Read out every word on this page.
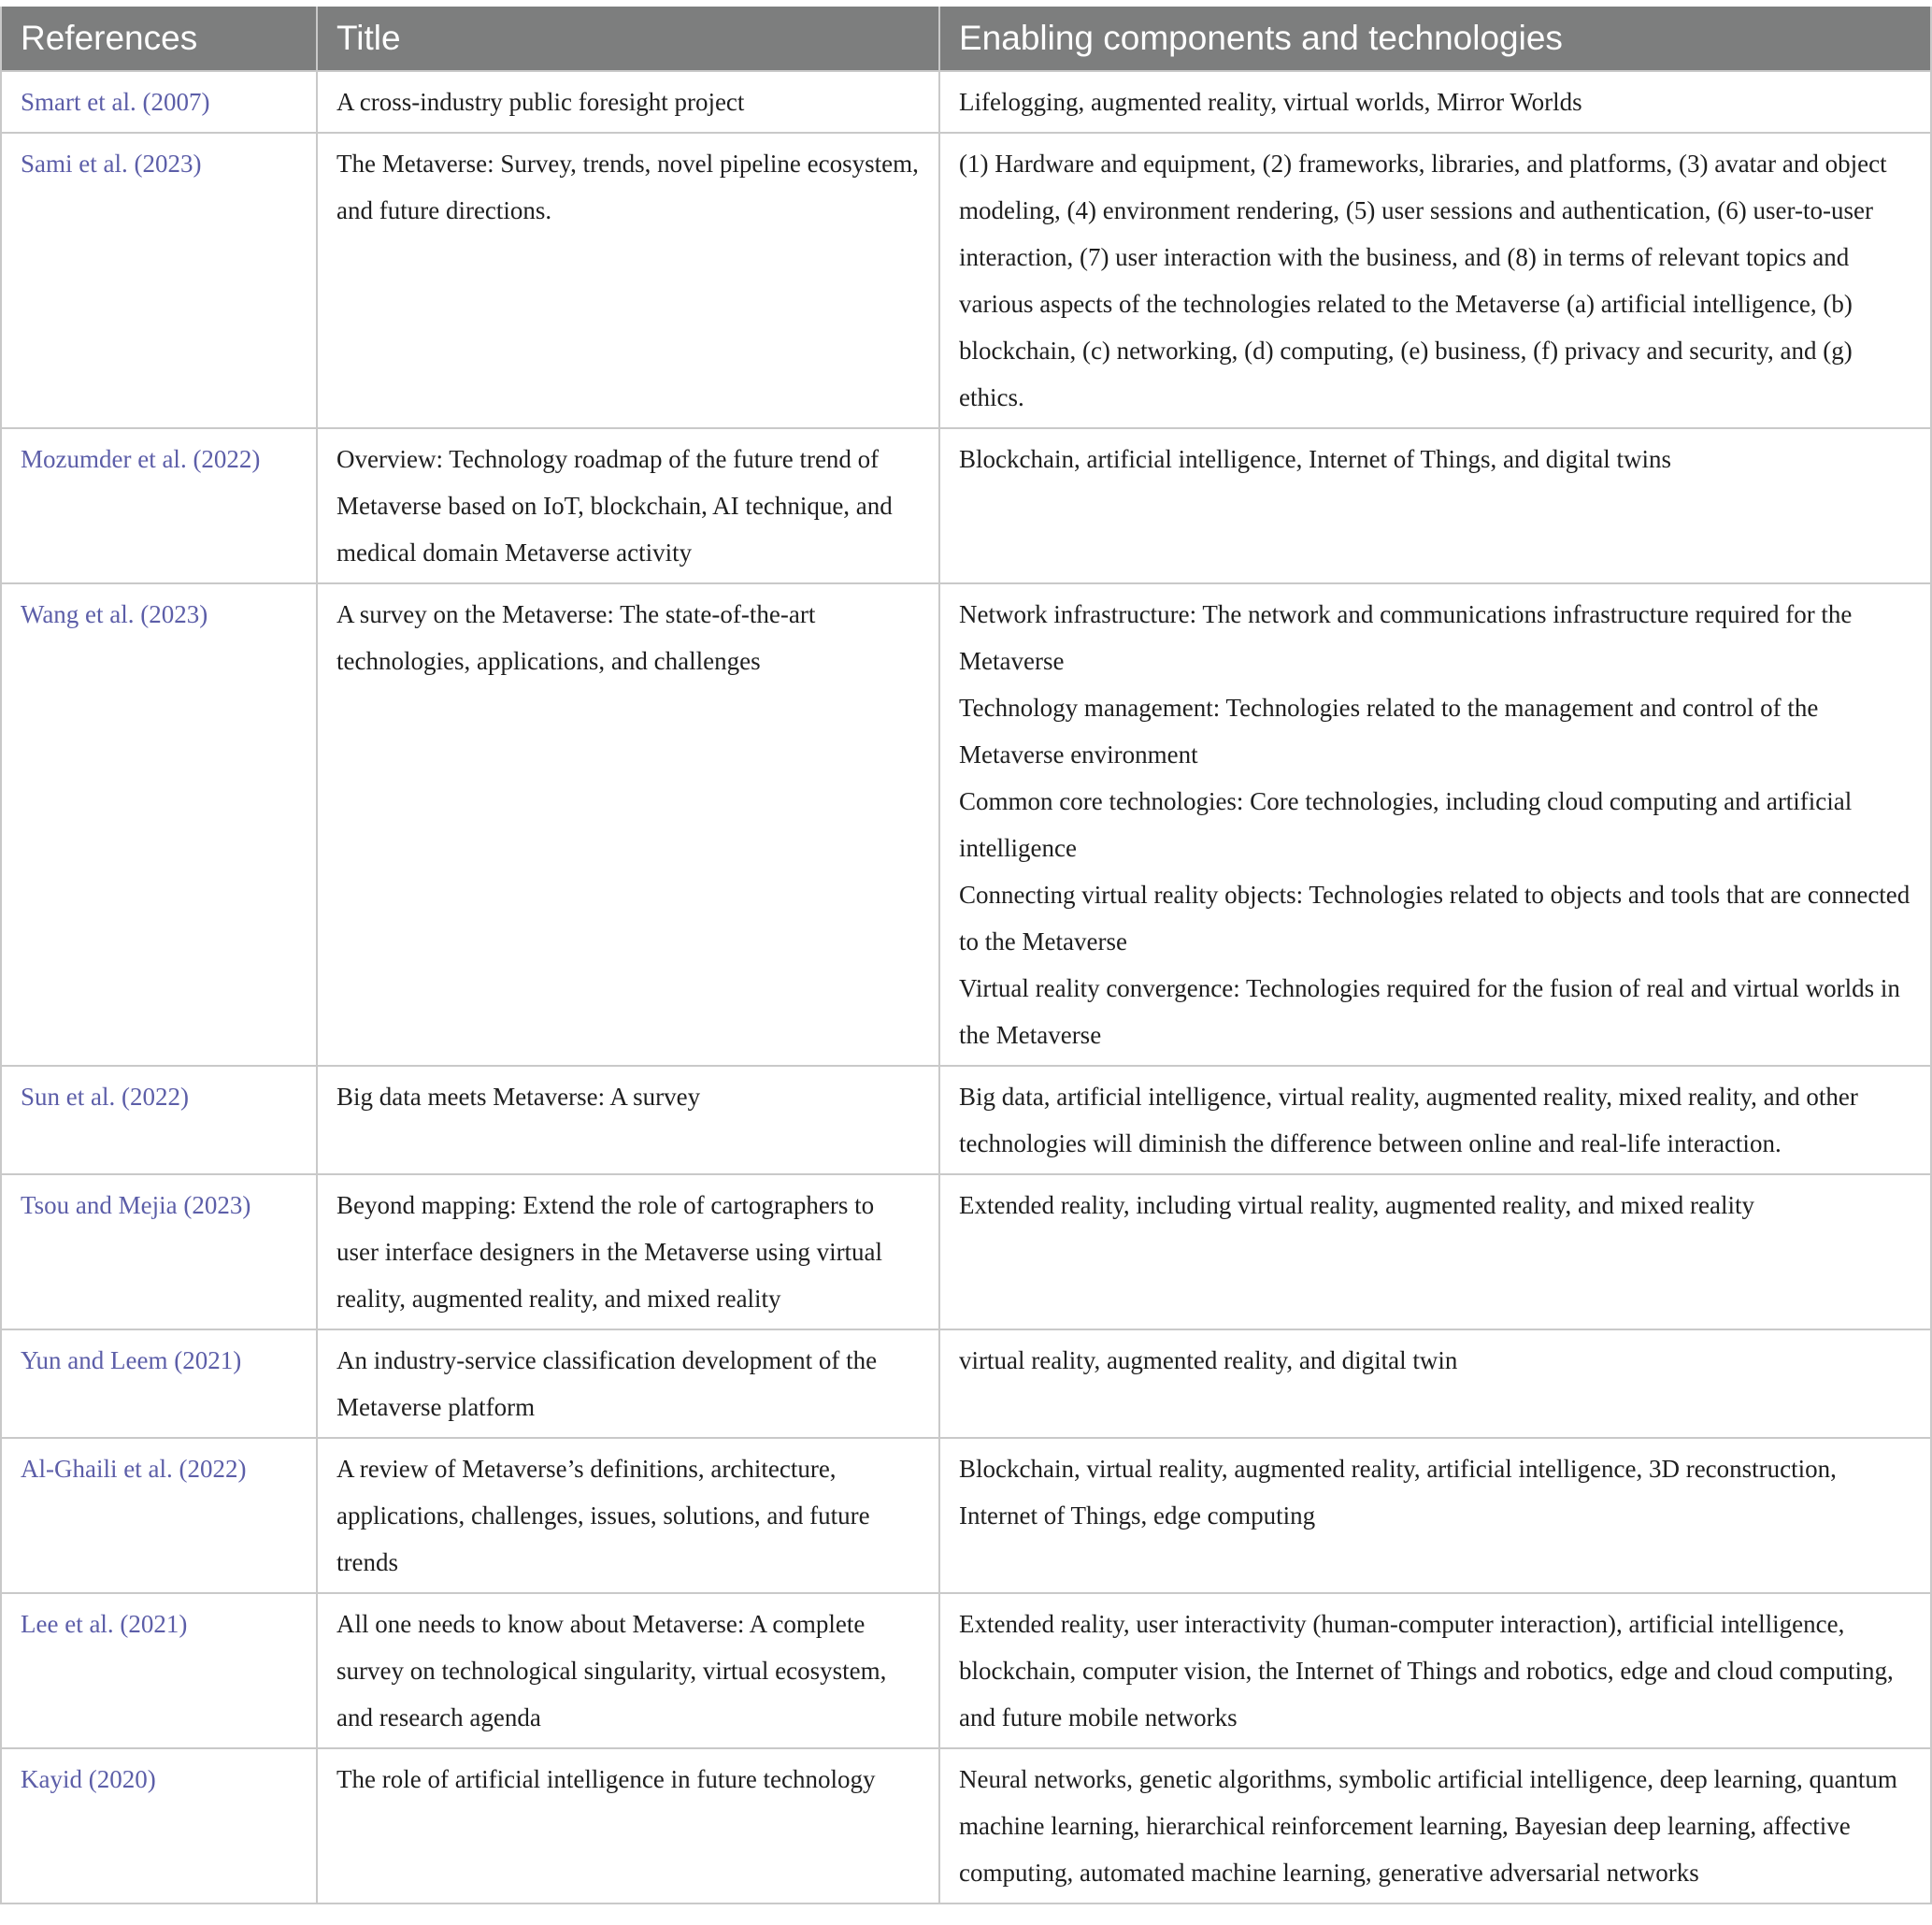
References	Title	Enabling components and technologies
Smart et al. (2007)	A cross-industry public foresight project	Lifelogging, augmented reality, virtual worlds, Mirror Worlds

Sami et al. (2023)	The Metaverse: Survey, trends, novel pipeline ecosystem, and future directions.	(1) Hardware and equipment, (2) frameworks, libraries, and platforms, (3) avatar and object modeling, (4) environment rendering, (5) user sessions and authentication, (6) user-to-user interaction, (7) user interaction with the business, and (8) in terms of relevant topics and various aspects of the technologies related to the Metaverse (a) artificial intelligence, (b) blockchain, (c) networking, (d) computing, (e) business, (f) privacy and security, and (g) ethics.

Mozumder et al. (2022)	Overview: Technology roadmap of the future trend of Metaverse based on IoT, blockchain, AI technique, and medical domain Metaverse activity	Blockchain, artificial intelligence, Internet of Things, and digital twins

Wang et al. (2023)	A survey on the Metaverse: The state-of-the-art technologies, applications, and challenges	Network infrastructure: The network and communications infrastructure required for the Metaverse
Technology management: Technologies related to the management and control of the Metaverse environment
Common core technologies: Core technologies, including cloud computing and artificial intelligence
Connecting virtual reality objects: Technologies related to objects and tools that are connected to the Metaverse
Virtual reality convergence: Technologies required for the fusion of real and virtual worlds in the Metaverse

Sun et al. (2022)	Big data meets Metaverse: A survey	Big data, artificial intelligence, virtual reality, augmented reality, mixed reality, and other technologies will diminish the difference between online and real-life interaction.

Tsou and Mejia (2023)	Beyond mapping: Extend the role of cartographers to user interface designers in the Metaverse using virtual reality, augmented reality, and mixed reality	Extended reality, including virtual reality, augmented reality, and mixed reality

Yun and Leem (2021)	An industry-service classification development of the Metaverse platform	virtual reality, augmented reality, and digital twin

Al-Ghaili et al. (2022)	A review of Metaverse’s definitions, architecture, applications, challenges, issues, solutions, and future trends	Blockchain, virtual reality, augmented reality, artificial intelligence, 3D reconstruction, Internet of Things, edge computing

Lee et al. (2021)	All one needs to know about Metaverse: A complete survey on technological singularity, virtual ecosystem, and research agenda	Extended reality, user interactivity (human-computer interaction), artificial intelligence, blockchain, computer vision, the Internet of Things and robotics, edge and cloud computing, and future mobile networks

Kayid (2020)	The role of artificial intelligence in future technology	Neural networks, genetic algorithms, symbolic artificial intelligence, deep learning, quantum machine learning, hierarchical reinforcement learning, Bayesian deep learning, affective computing, automated machine learning, generative adversarial networks
